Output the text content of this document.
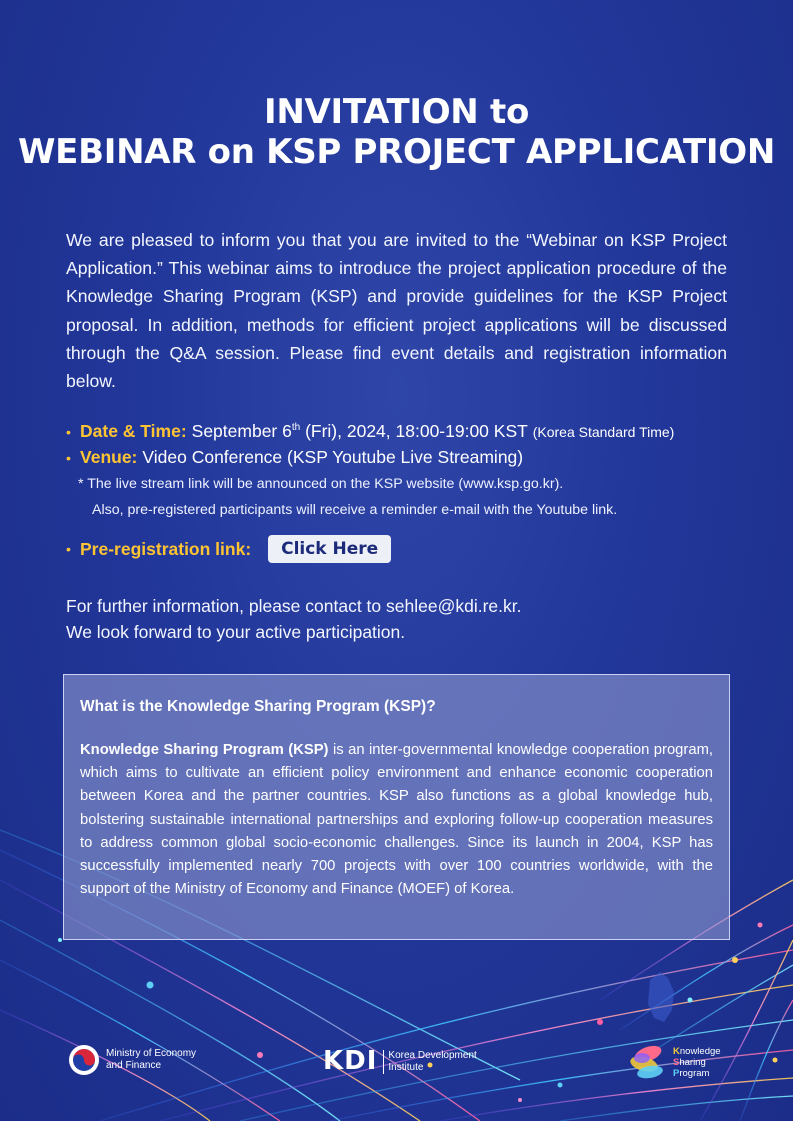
INVITATION to
WEBINAR on KSP PROJECT APPLICATION

We are pleased to inform you that you are invited to the “Webinar on KSP Project Application.” This webinar aims to introduce the project application procedure of the Knowledge Sharing Program (KSP) and provide guidelines for the KSP Project proposal. In addition, methods for efficient project applications will be discussed through the Q&A session. Please find event details and registration information below.

• Date & Time: September 6th (Fri), 2024, 18:00-19:00 KST (Korea Standard Time)
• Venue: Video Conference (KSP Youtube Live Streaming)
* The live stream link will be announced on the KSP website (www.ksp.go.kr).
Also, pre-registered participants will receive a reminder e-mail with the Youtube link.
• Pre-registration link:	Click Here
For further information, please contact to sehlee@kdi.re.kr.
We look forward to your active participation.
What is the Knowledge Sharing Program (KSP)?

Knowledge Sharing Program (KSP) is an inter-governmental knowledge cooperation program, which aims to cultivate an efficient policy environment and enhance economic cooperation between Korea and the partner countries. KSP also functions as a global knowledge hub, bolstering sustainable international partnerships and exploring follow-up cooperation measures to address common global socio-economic challenges. Since its launch in 2004, KSP has successfully implemented nearly 700 projects with over 100 countries worldwide, with the support of the Ministry of Economy and Finance (MOEF) of Korea.

Ministry of Economy
and Finance	KDI Korea Development
Institute
Knowledge
Sharing
Program
